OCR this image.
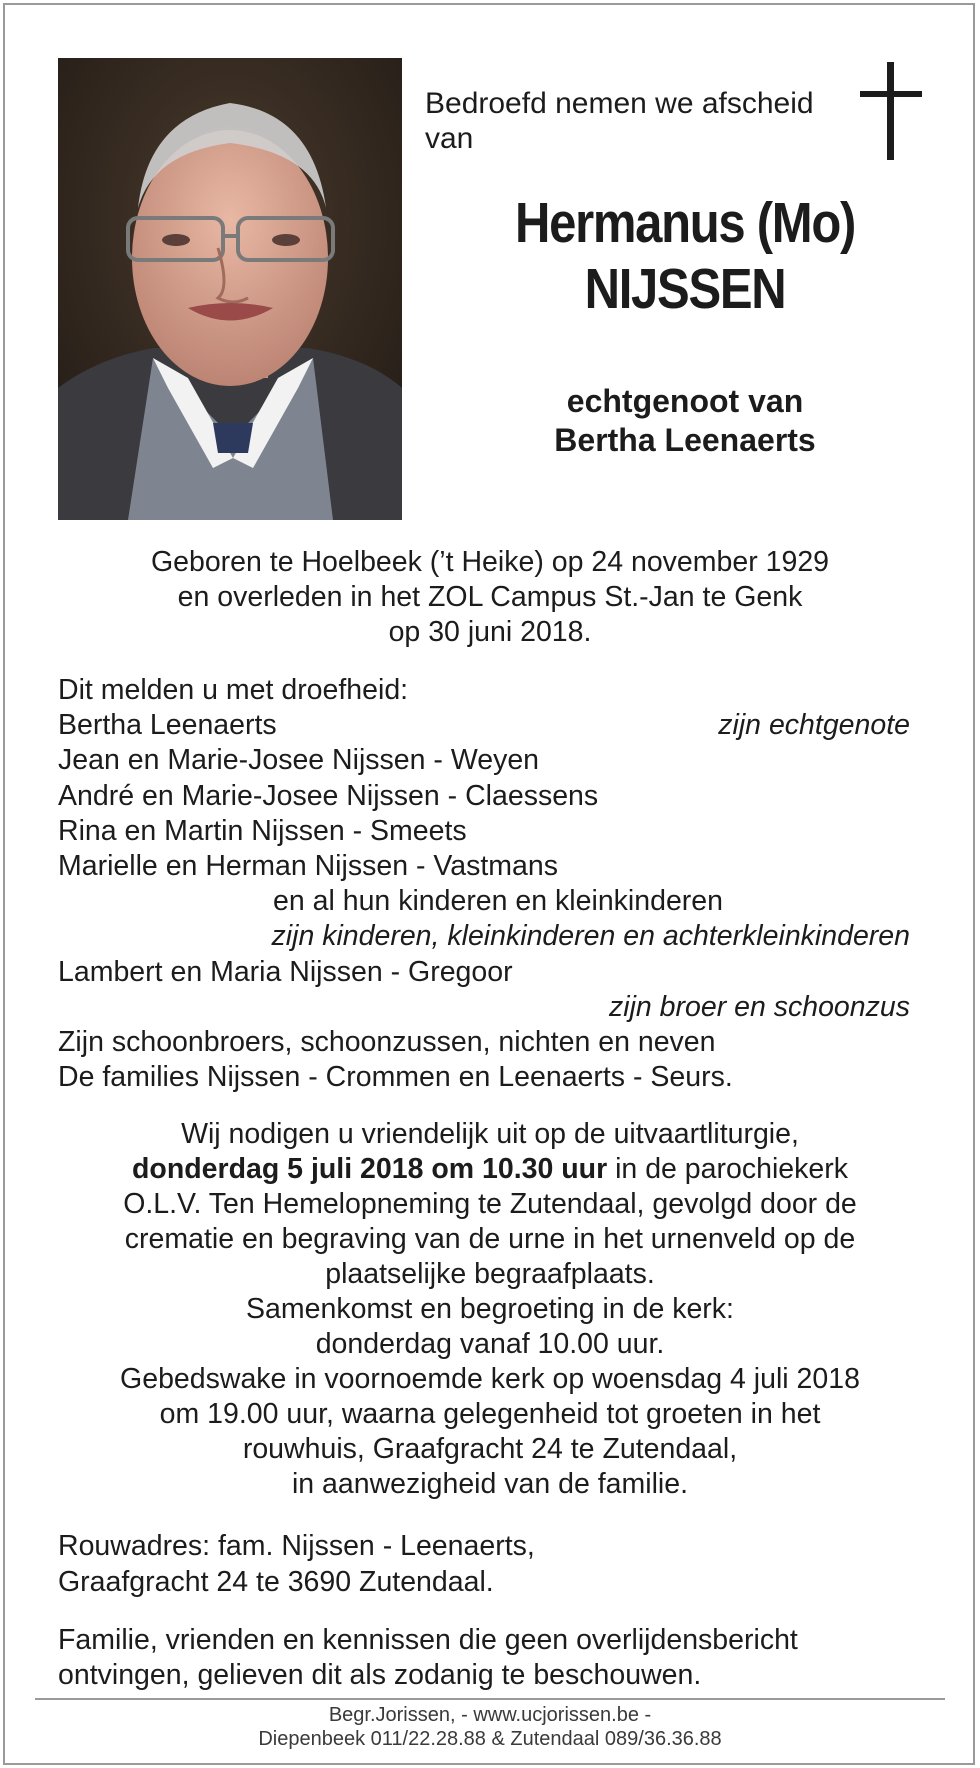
Bedroefd nemen we afscheid
van
Hermanus (Mo)
NIJSSEN
echtgenoot van
Bertha Leenaerts
Geboren te Hoelbeek (’t Heike) op 24 november 1929
en overleden in het ZOL Campus St.-Jan te Genk
op 30 juni 2018.
Dit melden u met droefheid:
Bertha Leenaerts	zijn echtgenote
Jean en Marie-Josee Nijssen - Weyen
André en Marie-Josee Nijssen - Claessens
Rina en Martin Nijssen - Smeets
Marielle en Herman Nijssen - Vastmans
en al hun kinderen en kleinkinderen
zijn kinderen, kleinkinderen en achterkleinkinderen
Lambert en Maria Nijssen - Gregoor
zijn broer en schoonzus
Zijn schoonbroers, schoonzussen, nichten en neven
De families Nijssen - Crommen en Leenaerts - Seurs.
Wij nodigen u vriendelijk uit op de uitvaartliturgie,
donderdag 5 juli 2018 om 10.30 uur in de parochiekerk
O.L.V. Ten Hemelopneming te Zutendaal, gevolgd door de
crematie en begraving van de urne in het urnenveld op de
plaatselijke begraafplaats.
Samenkomst en begroeting in de kerk:
donderdag vanaf 10.00 uur.
Gebedswake in voornoemde kerk op woensdag 4 juli 2018
om 19.00 uur, waarna gelegenheid tot groeten in het
rouwhuis, Graafgracht 24 te Zutendaal,
in aanwezigheid van de familie.
Rouwadres: fam. Nijssen - Leenaerts,
Graafgracht 24 te 3690 Zutendaal.
Familie, vrienden en kennissen die geen overlijdensbericht
ontvingen, gelieven dit als zodanig te beschouwen.
Begr.Jorissen, - www.ucjorissen.be -
Diepenbeek 011/22.28.88 & Zutendaal 089/36.36.88
